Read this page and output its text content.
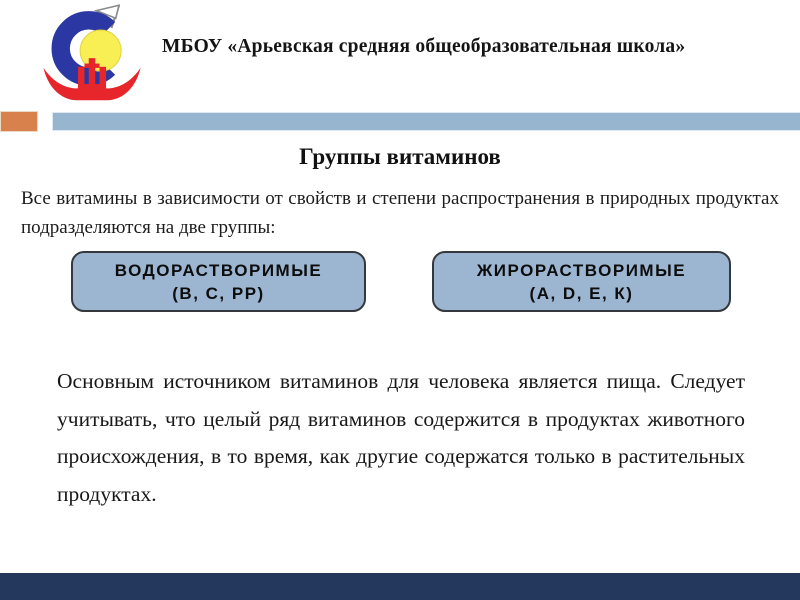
МБОУ «Арьевская средняя общеобразовательная школа»
Группы витаминов

Все витамины в зависимости от свойств и степени распространения в природных продуктах подразделяются на две группы:

ВОДОРАСТВОРИМЫЕ
(В, С, РР)
ЖИРОРАСТВОРИМЫЕ
(А, D, Е, К)

Основным источником витаминов для человека является пища. Следует учитывать, что целый ряд витаминов содержится в продуктах животного происхождения, в то время, как другие содержатся только в растительных продуктах.
